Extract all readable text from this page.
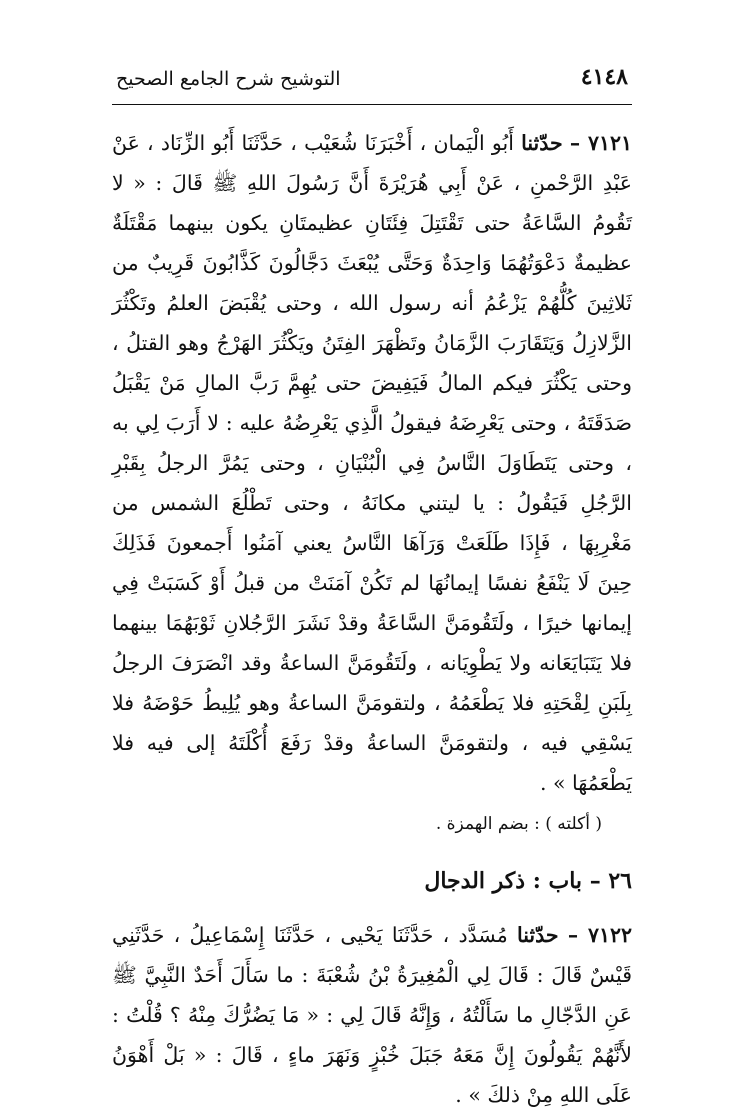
٤١٤٨
التوشيح شرح الجامع الصحيح

٧١٢١ – حدّثنا أَبُو الْيَمان ، أَخْبَرَنَا شُعَيْب ، حَدَّثَنَا أَبُو الزِّنَاد ، عَنْ عَبْدِ الرَّحْمنِ ، عَنْ أَبِي هُرَيْرَةَ أَنَّ رَسُولَ اللهِ ﷺ قَالَ : « لا تَقُومُ السَّاعَةُ حتى تَقْتَتِلَ فِئَتَانِ عظيمتَانِ يكون بينهما مَقْتَلَةٌ عظيمةٌ دَعْوَتُهُمَا وَاحِدَةٌ وَحَتَّى يُبْعَثَ دَجَّالُونَ كَذَّابُونَ قَرِيبٌ من ثَلاثِينَ كُلُّهُمْ يَزْعُمُ أنه رسول الله ، وحتى يُقْبَضَ العلمُ وتَكْثُرَ الزَّلازِلُ وَيَتَقَارَبَ الزَّمَانُ وتَظْهَرَ الفِتَنُ ويَكْثُرَ الهَرْجُ وهو القتلُ ، وحتى يَكْثُرَ فيكم المالُ فَيَفِيضَ حتى يُهِمَّ رَبَّ المالِ مَنْ يَقْبَلُ صَدَقَتَهُ ، وحتى يَعْرِضَهُ فيقولُ الَّذِي يَعْرِضُهُ عليه : لا أَرَبَ لِي به ، وحتى يَتَطَاوَلَ النَّاسُ فِي الْبُنْيَانِ ، وحتى يَمُرَّ الرجلُ بِقَبْرِ الرَّجُلِ فَيَقُولُ : يا ليتني مكانَهُ ، وحتى تَطْلُعَ الشمس من مَغْرِبِهَا ، فَإِذَا طَلَعَتْ وَرَآهَا النَّاسُ يعني آمَنُوا أَجمعونَ فَذَلِكَ حِينَ لَا يَنْفَعُ نفسًا إيمانُهَا لم تَكُنْ آمَنَتْ من قبلُ أَوْ كَسَبَتْ فِي إيمانها خيرًا ، ولَتَقُومَنَّ السَّاعَةُ وقدْ نَشَرَ الرَّجُلانِ ثَوْبَهُمَا بينهما فلا يَتَبَايَعَانه ولا يَطْوِيَانه ، ولَتَقُومَنَّ الساعةُ وقد انْصَرَفَ الرجلُ بِلَبَنِ لِقْحَتِهِ فلا يَطْعَمُهُ ، ولتقومَنَّ الساعةُ وهو يُلِيطُ حَوْضَهُ فلا يَسْقِي فيه ، ولتقومَنَّ الساعةُ وقدْ رَفَعَ أُكْلَتَهُ إلى فيه فلا يَطْعَمُهَا » .

( أكلته ) : بضم الهمزة .

٢٦ – باب : ذكر الدجال

٧١٢٢ – حدّثنا مُسَدَّد ، حَدَّثَنَا يَحْيى ، حَدَّثَنَا إِسْمَاعِيلُ ، حَدَّثَنِي قَيْسٌ قَالَ : قَالَ لِي الْمُغِيرَةُ بْنُ شُعْبَةَ : ما سَأَلَ أَحَدٌ النَّبِيَّ ﷺ عَنِ الدَّجّالِ ما سَأَلْتُهُ ، وَإِنَّهُ قَالَ لِي : « مَا يَضُرُّكَ مِنْهُ ؟ قُلْتُ : لأَنَّهُمْ يَقُولُونَ إِنَّ مَعَهُ جَبَلَ خُبْزٍ وَنَهَرَ ماءٍ ، قَالَ : « بَلْ أَهْوَنُ عَلَى اللهِ مِنْ ذلكَ » .
